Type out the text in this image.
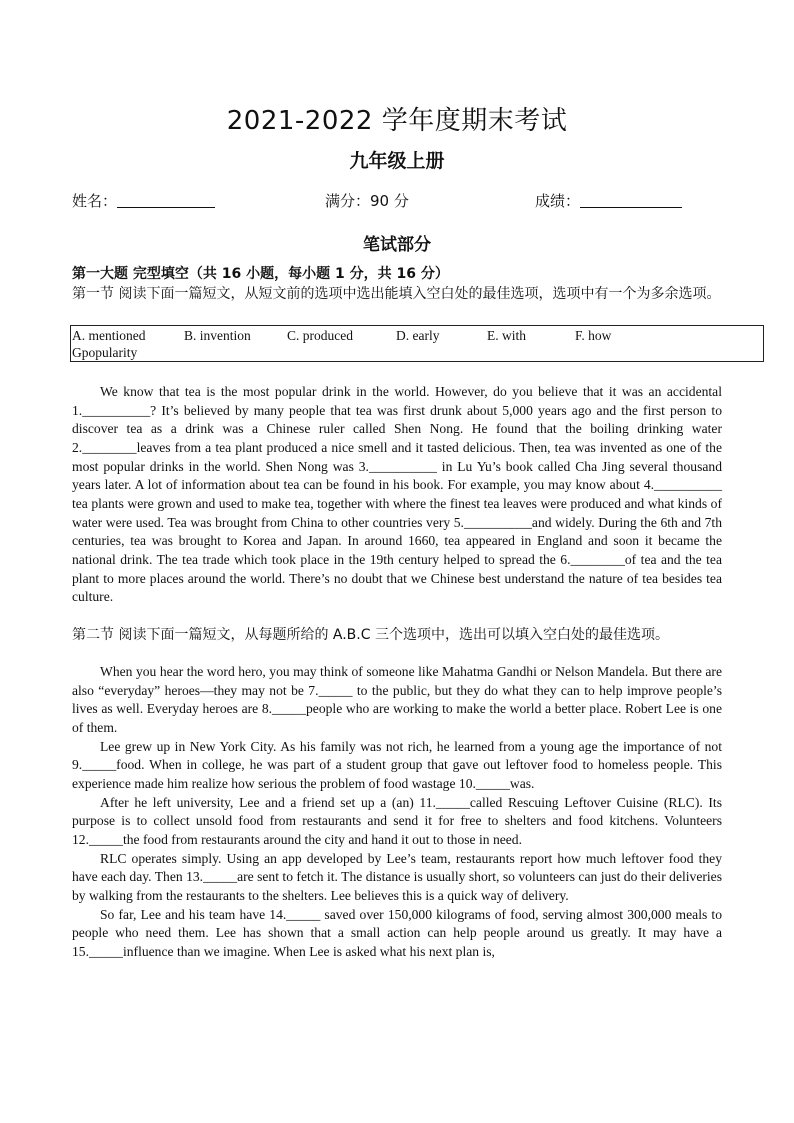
2021-2022 学年度期末考试
九年级上册
姓名：	满分：90 分	成绩：
笔试部分
第一大题 完型填空（共 16 小题，每小题 1 分，共 16 分）
第一节 阅读下面一篇短文，从短文前的选项中选出能填入空白处的最佳选项，选项中有一个为多余选项。
A. mentioned	B. invention	C. produced	D. early	E. with	F. how
Gpopularity

We know that tea is the most popular drink in the world. However, do you believe that it was an accidental 1.__________? It’s believed by many people that tea was first drunk about 5,000 years ago and the first person to discover tea as a drink was a Chinese ruler called Shen Nong. He found that the boiling drinking water 2.________leaves from a tea plant produced a nice smell and it tasted delicious. Then, tea was invented as one of the most popular drinks in the world. Shen Nong was 3.__________ in Lu Yu’s book called Cha Jing several thousand years later. A lot of information about tea can be found in his book. For example, you may know about 4.__________ tea plants were grown and used to make tea, together with where the finest tea leaves were produced and what kinds of water were used. Tea was brought from China to other countries very 5.__________and widely. During the 6th and 7th centuries, tea was brought to Korea and Japan. In around 1660, tea appeared in England and soon it became the national drink. The tea trade which took place in the 19th century helped to spread the 6.________of tea and the tea plant to more places around the world. There’s no doubt that we Chinese best understand the nature of tea besides tea culture.

第二节 阅读下面一篇短文，从每题所给的 A.B.C 三个选项中，选出可以填入空白处的最佳选项。

When you hear the word hero, you may think of someone like Mahatma Gandhi or Nelson Mandela. But there are also “everyday” heroes—they may not be 7._____ to the public, but they do what they can to help improve people’s lives as well. Everyday heroes are 8._____people who are working to make the world a better place. Robert Lee is one of them.

Lee grew up in New York City. As his family was not rich, he learned from a young age the importance of not 9._____food. When in college, he was part of a student group that gave out leftover food to homeless people. This experience made him realize how serious the problem of food wastage 10._____was.

After he left university, Lee and a friend set up a (an) 11._____called Rescuing Leftover Cuisine (RLC). Its purpose is to collect unsold food from restaurants and send it for free to shelters and food kitchens. Volunteers 12._____the food from restaurants around the city and hand it out to those in need.

RLC operates simply. Using an app developed by Lee’s team, restaurants report how much leftover food they have each day. Then 13._____are sent to fetch it. The distance is usually short, so volunteers can just do their deliveries by walking from the restaurants to the shelters. Lee believes this is a quick way of delivery.

So far, Lee and his team have 14._____ saved over 150,000 kilograms of food, serving almost 300,000 meals to people who need them. Lee has shown that a small action can help people around us greatly. It may have a 15._____influence than we imagine. When Lee is asked what his next plan is,
